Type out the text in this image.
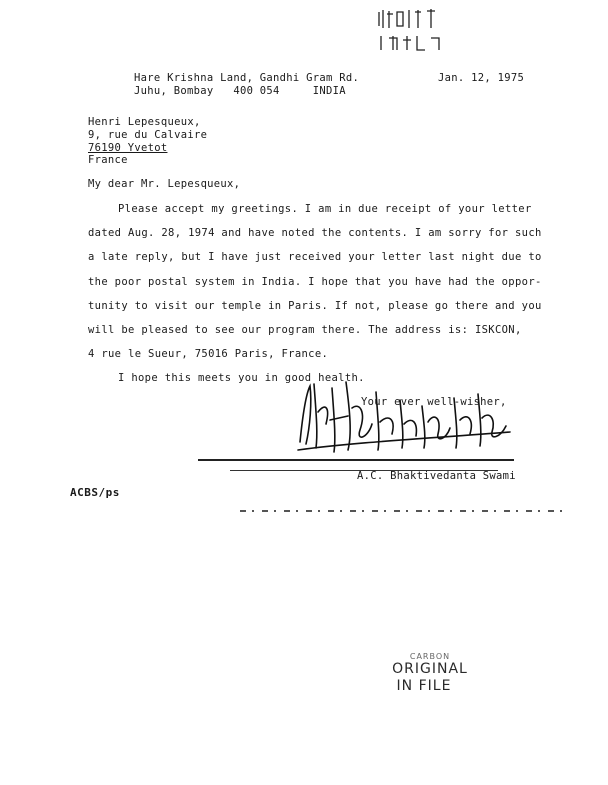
Hare Krishna Land, Gandhi Gram Rd.
Juhu, Bombay   400 054     INDIA
Jan. 12, 1975
Henri Lepesqueux,
9, rue du Calvaire
76190 Yvetot
France
My dear Mr. Lepesqueux,
Please accept my greetings. I am in due receipt of your letter
dated Aug. 28, 1974 and have noted the contents. I am sorry for such
a late reply, but I have just received your letter last night due to
the poor postal system in India. I hope that you have had the oppor-
tunity to visit our temple in Paris. If not, please go there and you
will be pleased to see our program there. The address is: ISKCON,
4 rue le Sueur, 75016 Paris, France.
I hope this meets you in good health.
Your ever well-wisher,
A.C. Bhaktivedanta Swami
ACBS/ps
CARBON
ORIGINAL
IN FILE
